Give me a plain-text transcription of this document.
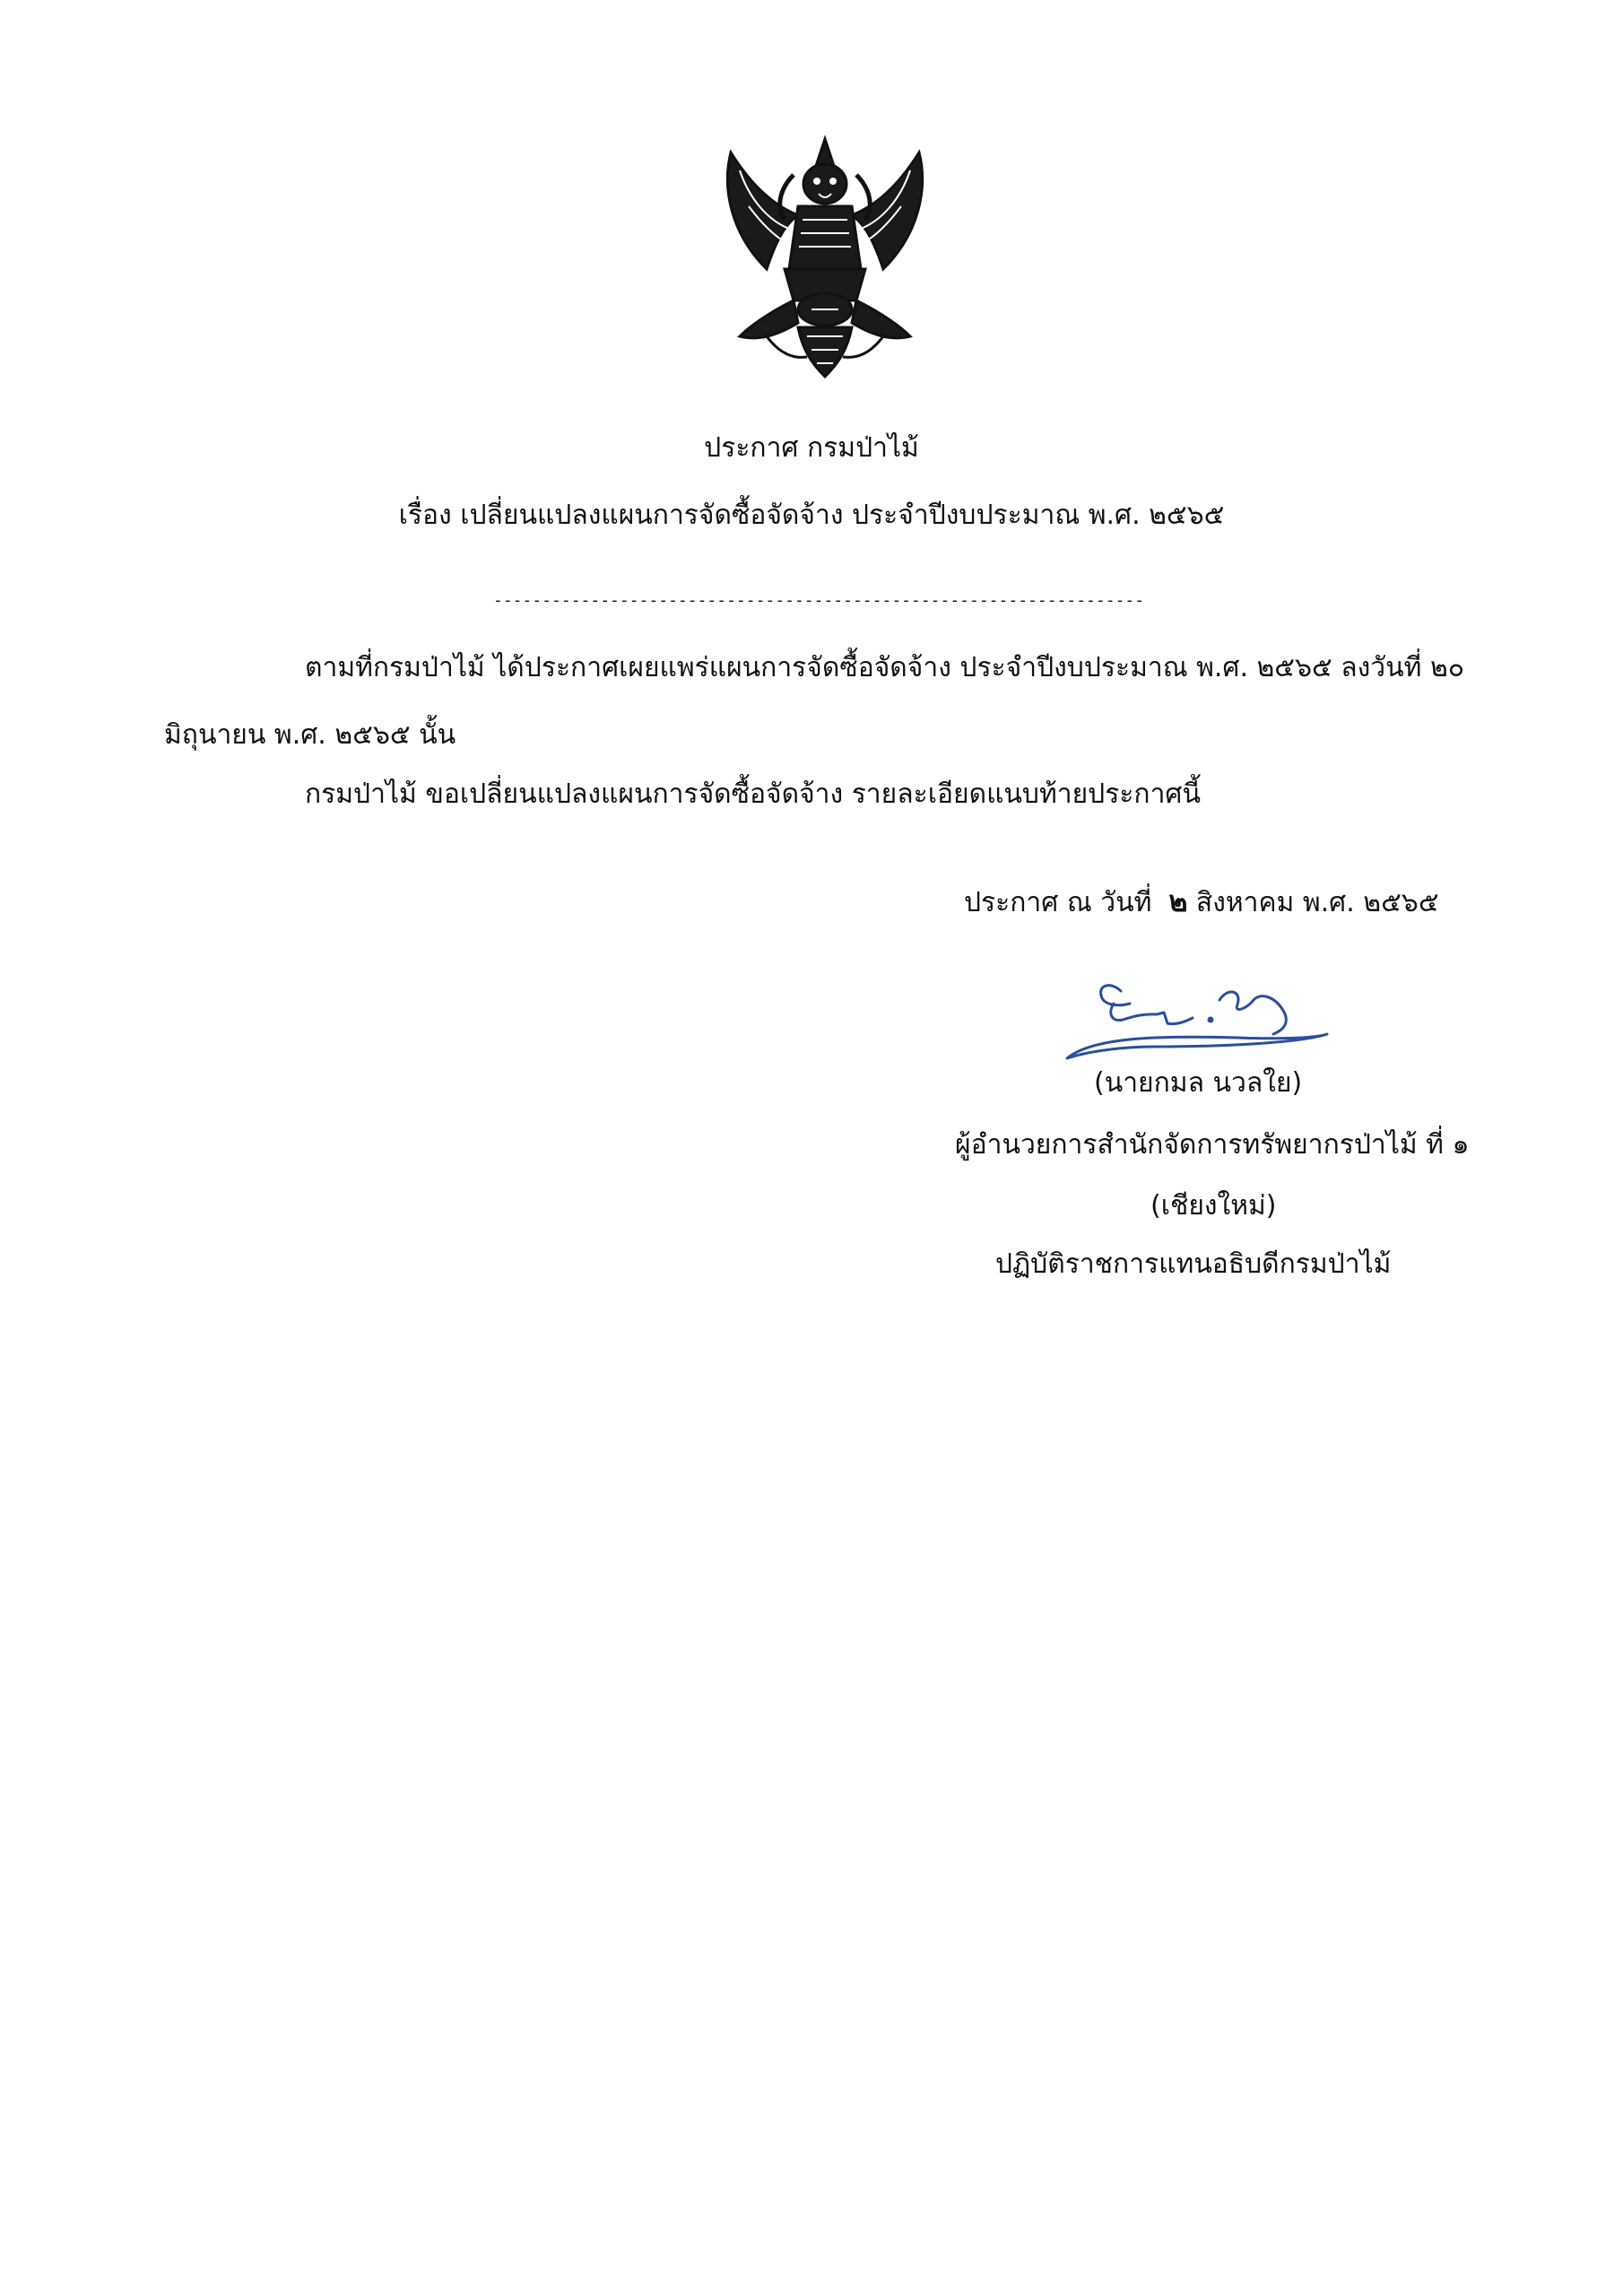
ประกาศ กรมป่าไม้
เรื่อง เปลี่ยนแปลงแผนการจัดซื้อจัดจ้าง ประจำปีงบประมาณ พ.ศ. ๒๕๖๕
-------------------------------------------------------------------
ตามที่กรมป่าไม้ ได้ประกาศเผยแพร่แผนการจัดซื้อจัดจ้าง ประจำปีงบประมาณ พ.ศ. ๒๕๖๕ ลงวันที่ ๒๐
มิถุนายน พ.ศ. ๒๕๖๕ นั้น
กรมป่าไม้ ขอเปลี่ยนแปลงแผนการจัดซื้อจัดจ้าง รายละเอียดแนบท้ายประกาศนี้
ประกาศ ณ วันที่ ๒ สิงหาคม พ.ศ. ๒๕๖๕
(นายกมล นวลใย)
ผู้อำนวยการสำนักจัดการทรัพยากรป่าไม้ ที่ ๑
(เชียงใหม่)
ปฏิบัติราชการแทนอธิบดีกรมป่าไม้
